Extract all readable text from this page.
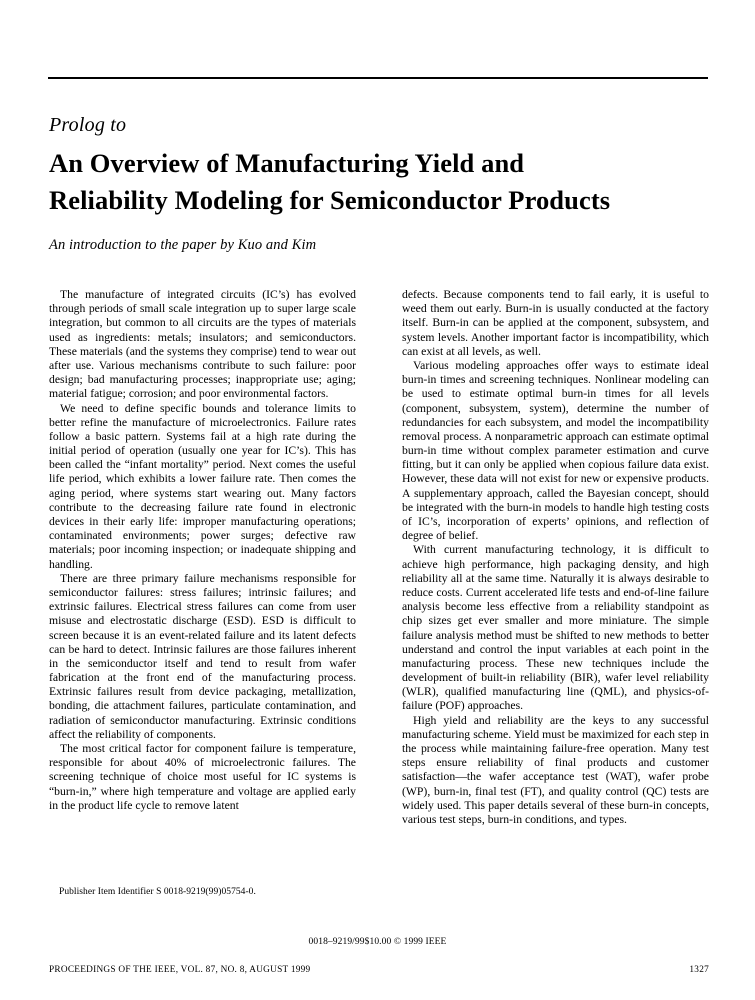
Prolog to
An Overview of Manufacturing Yield and
Reliability Modeling for Semiconductor Products
An introduction to the paper by Kuo and Kim

The manufacture of integrated circuits (IC’s) has evolved through periods of small scale integration up to super large scale integration, but common to all circuits are the types of materials used as ingredients: metals; insulators; and semiconductors. These materials (and the systems they comprise) tend to wear out after use. Various mechanisms contribute to such failure: poor design; bad manufacturing processes; inappropriate use; aging; material fatigue; corrosion; and poor environmental factors.

We need to define specific bounds and tolerance limits to better refine the manufacture of microelectronics. Failure rates follow a basic pattern. Systems fail at a high rate during the initial period of operation (usually one year for IC’s). This has been called the “infant mortality” period. Next comes the useful life period, which exhibits a lower failure rate. Then comes the aging period, where systems start wearing out. Many factors contribute to the decreasing failure rate found in electronic devices in their early life: improper manufacturing operations; contaminated environments; power surges; defective raw materials; poor incoming inspection; or inadequate shipping and handling.

There are three primary failure mechanisms responsible for semiconductor failures: stress failures; intrinsic failures; and extrinsic failures. Electrical stress failures can come from user misuse and electrostatic discharge (ESD). ESD is difficult to screen because it is an event-related failure and its latent defects can be hard to detect. Intrinsic failures are those failures inherent in the semiconductor itself and tend to result from wafer fabrication at the front end of the manufacturing process. Extrinsic failures result from device packaging, metallization, bonding, die attachment failures, particulate contamination, and radiation of semiconductor manufacturing. Extrinsic conditions affect the reliability of components.

The most critical factor for component failure is temperature, responsible for about 40% of microelectronic failures. The screening technique of choice most useful for IC systems is “burn-in,” where high temperature and voltage are applied early in the product life cycle to remove latent

defects. Because components tend to fail early, it is useful to weed them out early. Burn-in is usually conducted at the factory itself. Burn-in can be applied at the component, subsystem, and system levels. Another important factor is incompatibility, which can exist at all levels, as well.

Various modeling approaches offer ways to estimate ideal burn-in times and screening techniques. Nonlinear modeling can be used to estimate optimal burn-in times for all levels (component, subsystem, system), determine the number of redundancies for each subsystem, and model the incompatibility removal process. A nonparametric approach can estimate optimal burn-in time without complex parameter estimation and curve fitting, but it can only be applied when copious failure data exist. However, these data will not exist for new or expensive products. A supplementary approach, called the Bayesian concept, should be integrated with the burn-in models to handle high testing costs of IC’s, incorporation of experts’ opinions, and reflection of degree of belief.

With current manufacturing technology, it is difficult to achieve high performance, high packaging density, and high reliability all at the same time. Naturally it is always desirable to reduce costs. Current accelerated life tests and end-of-line failure analysis become less effective from a reliability standpoint as chip sizes get ever smaller and more miniature. The simple failure analysis method must be shifted to new methods to better understand and control the input variables at each point in the manufacturing process. These new techniques include the development of built-in reliability (BIR), wafer level reliability (WLR), qualified manufacturing line (QML), and physics-of-failure (POF) approaches.

High yield and reliability are the keys to any successful manufacturing scheme. Yield must be maximized for each step in the process while maintaining failure-free operation. Many test steps ensure reliability of final products and customer satisfaction—the wafer acceptance test (WAT), wafer probe (WP), burn-in, final test (FT), and quality control (QC) tests are widely used. This paper details several of these burn-in concepts, various test steps, burn-in conditions, and types.

Publisher Item Identifier S 0018-9219(99)05754-0.

0018–9219/99$10.00 © 1999 IEEE
PROCEEDINGS OF THE IEEE, VOL. 87, NO. 8, AUGUST 1999	1327
